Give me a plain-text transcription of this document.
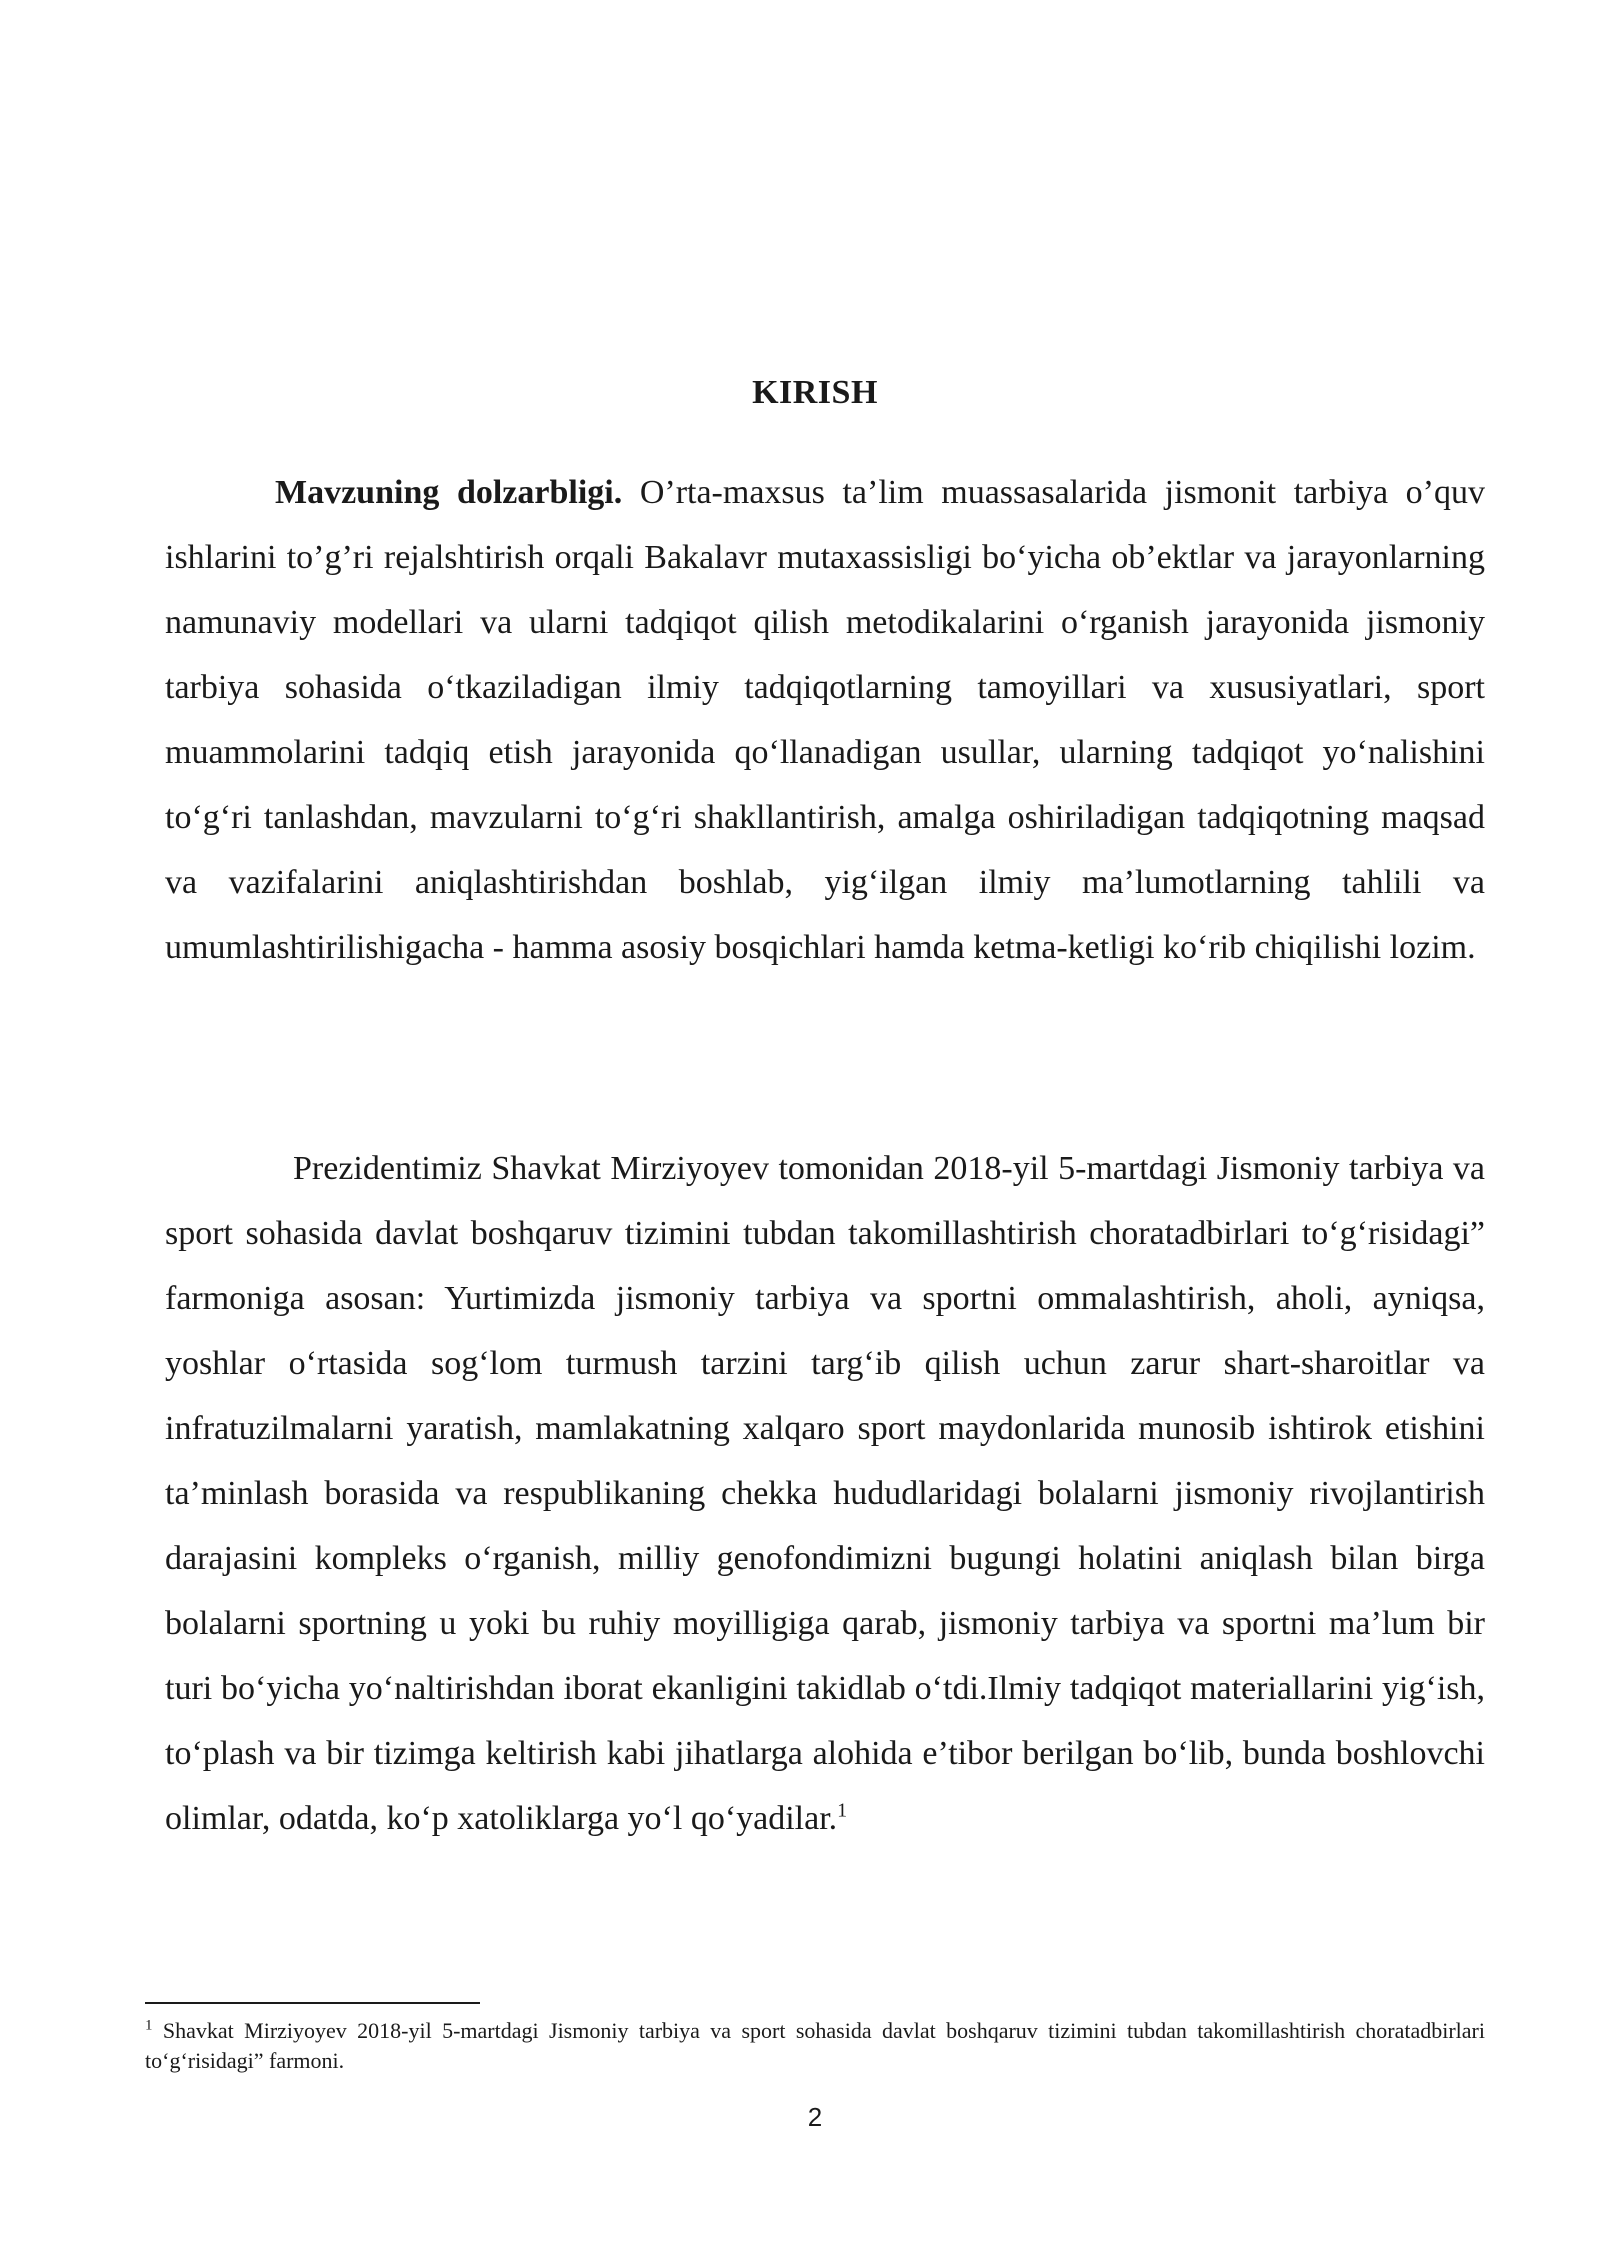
KIRISH
Mavzuning dolzarbligi. O’rta-maxsus ta’lim muassasalarida jismonit tarbiya o’quv ishlarini to’g’ri rejalshtirish orqali Bakalavr mutaxassisligi bo‘yicha ob’ektlar va jarayonlarning namunaviy modellari va ularni tadqiqot qilish metodikalarini o‘rganish jarayonida jismoniy tarbiya sohasida o‘tkaziladigan ilmiy tadqiqotlarning tamoyillari va xususiyatlari, sport muammolarini tadqiq etish jarayonida qo‘llanadigan usullar, ularning tadqiqot yo‘nalishini to‘g‘ri tanlashdan, mavzularni to‘g‘ri shakllantirish, amalga oshiriladigan tadqiqotning maqsad va vazifalarini aniqlashtirishdan boshlab, yig‘ilgan ilmiy ma’lumotlarning tahlili va umumlashtirilishigacha - hamma asosiy bosqichlari hamda ketma-ketligi ko‘rib chiqilishi lozim.
Prezidentimiz Shavkat Mirziyoyev tomonidan 2018-yil 5-martdagi Jismoniy tarbiya va sport sohasida davlat boshqaruv tizimini tubdan takomillashtirish choratadbirlari to‘g‘risidagi” farmoniga asosan: Yurtimizda jismoniy tarbiya va sportni ommalashtirish, aholi, ayniqsa, yoshlar o‘rtasida sog‘lom turmush tarzini targ‘ib qilish uchun zarur shart-sharoitlar va infratuzilmalarni yaratish, mamlakatning xalqaro sport maydonlarida munosib ishtirok etishini ta’minlash borasida va respublikaning chekka hududlaridagi bolalarni jismoniy rivojlantirish darajasini kompleks o‘rganish, milliy genofondimizni bugungi holatini aniqlash bilan birga bolalarni sportning u yoki bu ruhiy moyilligiga qarab, jismoniy tarbiya va sportni ma’lum bir turi bo‘yicha yo‘naltirishdan iborat ekanligini takidlab o‘tdi.Ilmiy tadqiqot materiallarini yig‘ish, to‘plash va bir tizimga keltirish kabi jihatlarga alohida e’tibor berilgan bo‘lib, bunda boshlovchi olimlar, odatda, ko‘p xatoliklarga yo‘l qo‘yadilar.$^1$
$^1$ Shavkat Mirziyoyev 2018-yil 5-martdagi Jismoniy tarbiya va sport sohasida davlat boshqaruv tizimini tubdan takomillashtirish choratadbirlari to‘g‘risidagi” farmoni.
2
